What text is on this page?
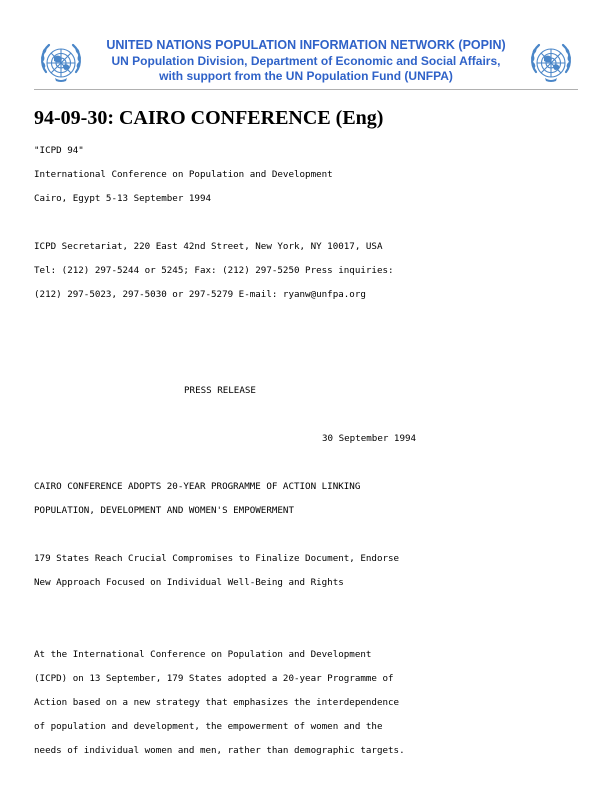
UNITED NATIONS POPULATION INFORMATION NETWORK (POPIN)
UN Population Division, Department of Economic and Social Affairs,
with support from the UN Population Fund (UNFPA)
94-09-30: CAIRO CONFERENCE (Eng)
"ICPD 94"
International Conference on Population and Development
Cairo, Egypt 5-13 September 1994
ICPD Secretariat, 220 East 42nd Street, New York, NY 10017, USA
Tel: (212) 297-5244 or 5245; Fax: (212) 297-5250 Press inquiries:
(212) 297-5023, 297-5030 or 297-5279 E-mail: ryanw@unfpa.org
PRESS RELEASE
30 September 1994
CAIRO CONFERENCE ADOPTS 20-YEAR PROGRAMME OF ACTION LINKING
POPULATION, DEVELOPMENT AND WOMEN'S EMPOWERMENT
179 States Reach Crucial Compromises to Finalize Document, Endorse
New Approach Focused on Individual Well-Being and Rights
At the International Conference on Population and Development
(ICPD) on 13 September, 179 States adopted a 20-year Programme of
Action based on a new strategy that emphasizes the interdependence
of population and development, the empowerment of women and the
needs of individual women and men, rather than demographic targets.
